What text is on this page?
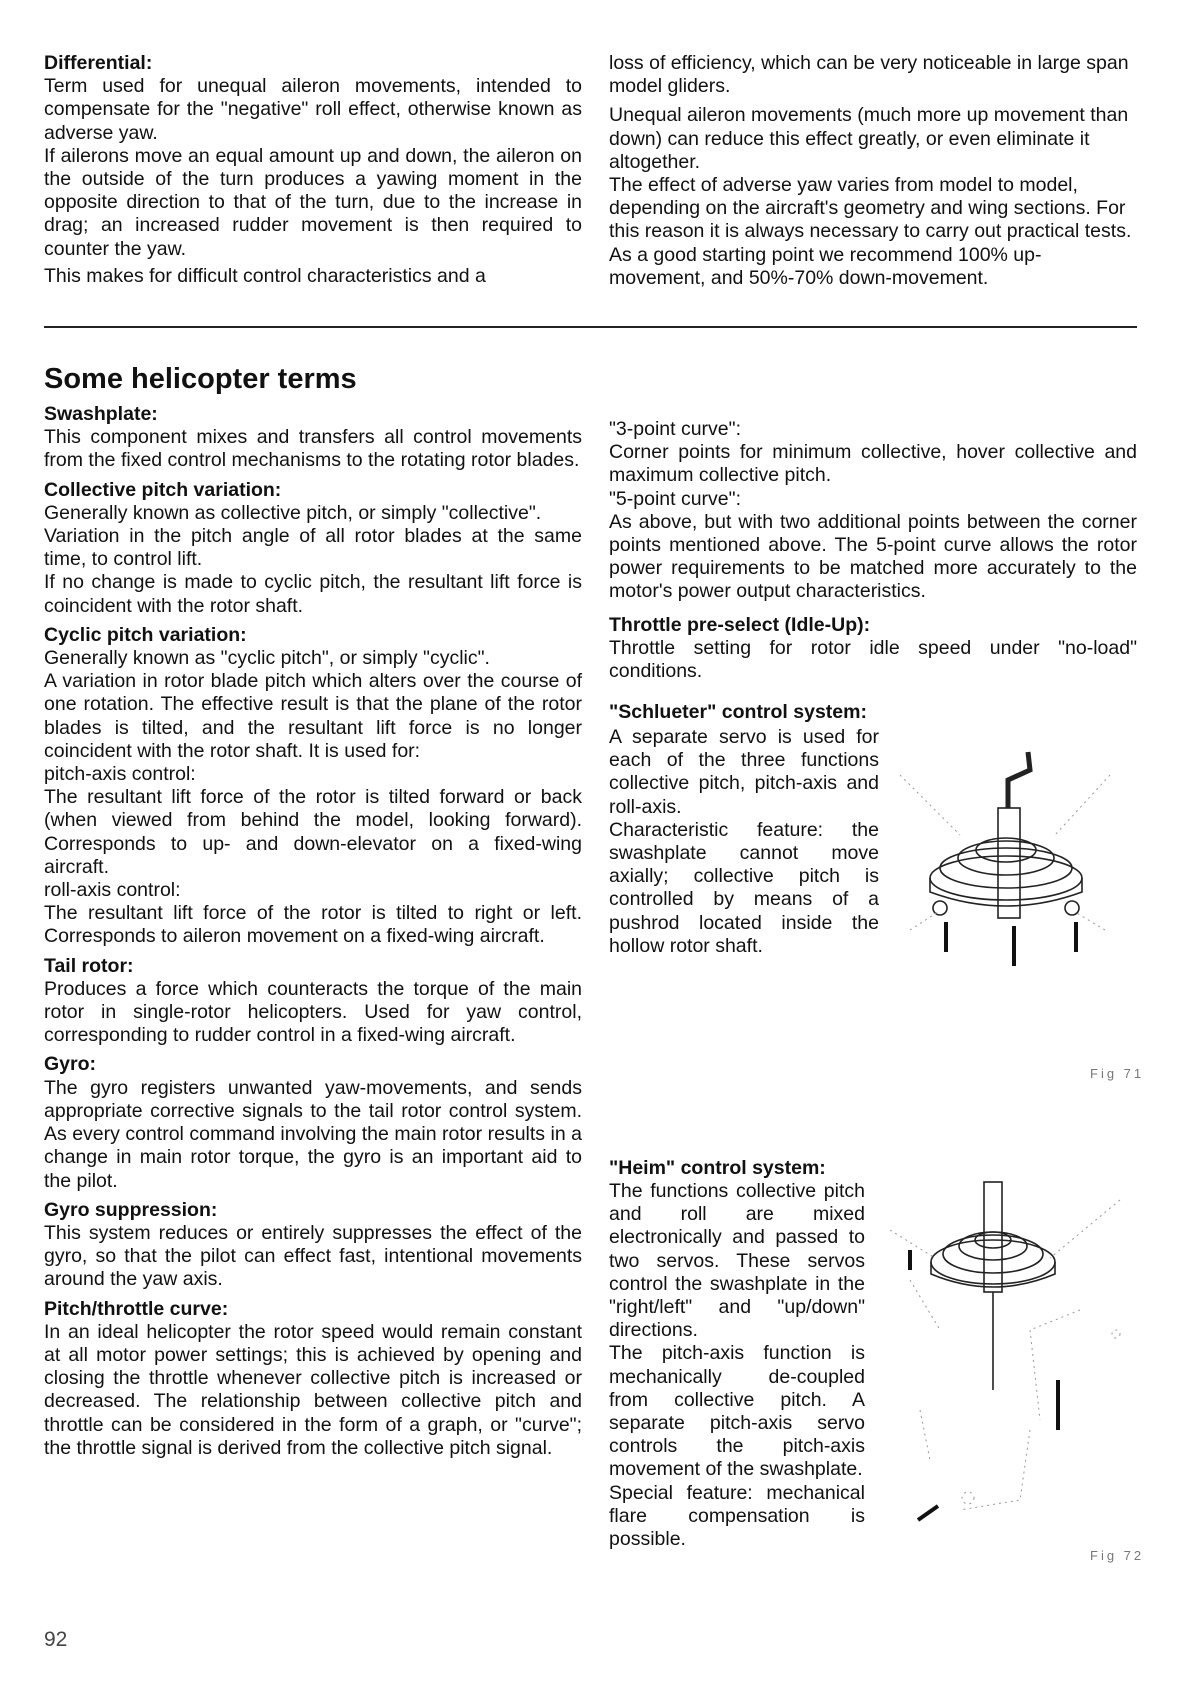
Differential:

Term used for unequal aileron movements, intended to compensate for the "negative" roll effect, otherwise known as adverse yaw.

If ailerons move an equal amount up and down, the aileron on the outside of the turn produces a yawing moment in the opposite direction to that of the turn, due to the increase in drag; an increased rudder movement is then required to counter the yaw.

This makes for difficult control characteristics and a

loss of efficiency, which can be very noticeable in large span model gliders.

Unequal aileron movements (much more up movement than down) can reduce this effect greatly, or even eliminate it altogether.

The effect of adverse yaw varies from model to model, depending on the aircraft's geometry and wing sections. For this reason it is always necessary to carry out practical tests. As a good starting point we recommend 100% up-movement, and 50%-70% down-movement.

Some helicopter terms
Swashplate:

This component mixes and transfers all control movements from the fixed control mechanisms to the rotating rotor blades.

Collective pitch variation:

Generally known as collective pitch, or simply "collective".

Variation in the pitch angle of all rotor blades at the same time, to control lift.

If no change is made to cyclic pitch, the resultant lift force is coincident with the rotor shaft.

Cyclic pitch variation:

Generally known as "cyclic pitch", or simply "cyclic".

A variation in rotor blade pitch which alters over the course of one rotation. The effective result is that the plane of the rotor blades is tilted, and the resultant lift force is no longer coincident with the rotor shaft. It is used for:

pitch-axis control:

The resultant lift force of the rotor is tilted forward or back (when viewed from behind the model, looking forward). Corresponds to up- and down-elevator on a fixed-wing aircraft.

roll-axis control:

The resultant lift force of the rotor is tilted to right or left. Corresponds to aileron movement on a fixed-wing aircraft.

Tail rotor:

Produces a force which counteracts the torque of the main rotor in single-rotor helicopters. Used for yaw control, corresponding to rudder control in a fixed-wing aircraft.

Gyro:

The gyro registers unwanted yaw-movements, and sends appropriate corrective signals to the tail rotor control system. As every control command involving the main rotor results in a change in main rotor torque, the gyro is an important aid to the pilot.

Gyro suppression:

This system reduces or entirely suppresses the effect of the gyro, so that the pilot can effect fast, intentional movements around the yaw axis.

Pitch/throttle curve:

In an ideal helicopter the rotor speed would remain constant at all motor power settings; this is achieved by opening and closing the throttle whenever collective pitch is increased or decreased. The relationship between collective pitch and throttle can be considered in the form of a graph, or "curve"; the throttle signal is derived from the collective pitch signal.

"3-point curve":

Corner points for minimum collective, hover collective and maximum collective pitch.

"5-point curve":

As above, but with two additional points between the corner points mentioned above. The 5-point curve allows the rotor power requirements to be matched more accurately to the motor's power output characteristics.

Throttle pre-select (Idle-Up):

Throttle setting for rotor idle speed under "no-load" conditions.

"Schlueter" control system:

A separate servo is used for each of the three functions collective pitch, pitch-axis and roll-axis.

Characteristic feature: the swashplate cannot move axially; collective pitch is controlled by means of a pushrod located inside the hollow rotor shaft.

Fig 71
"Heim" control system:

The functions collective pitch and roll are mixed electronically and passed to two servos. These servos control the swashplate in the "right/left" and "up/down" directions.

The pitch-axis function is mechanically de-coupled from collective pitch. A separate pitch-axis servo controls the pitch-axis movement of the swashplate.

Special feature: mechanical flare compensation is possible.

Fig 72
92
